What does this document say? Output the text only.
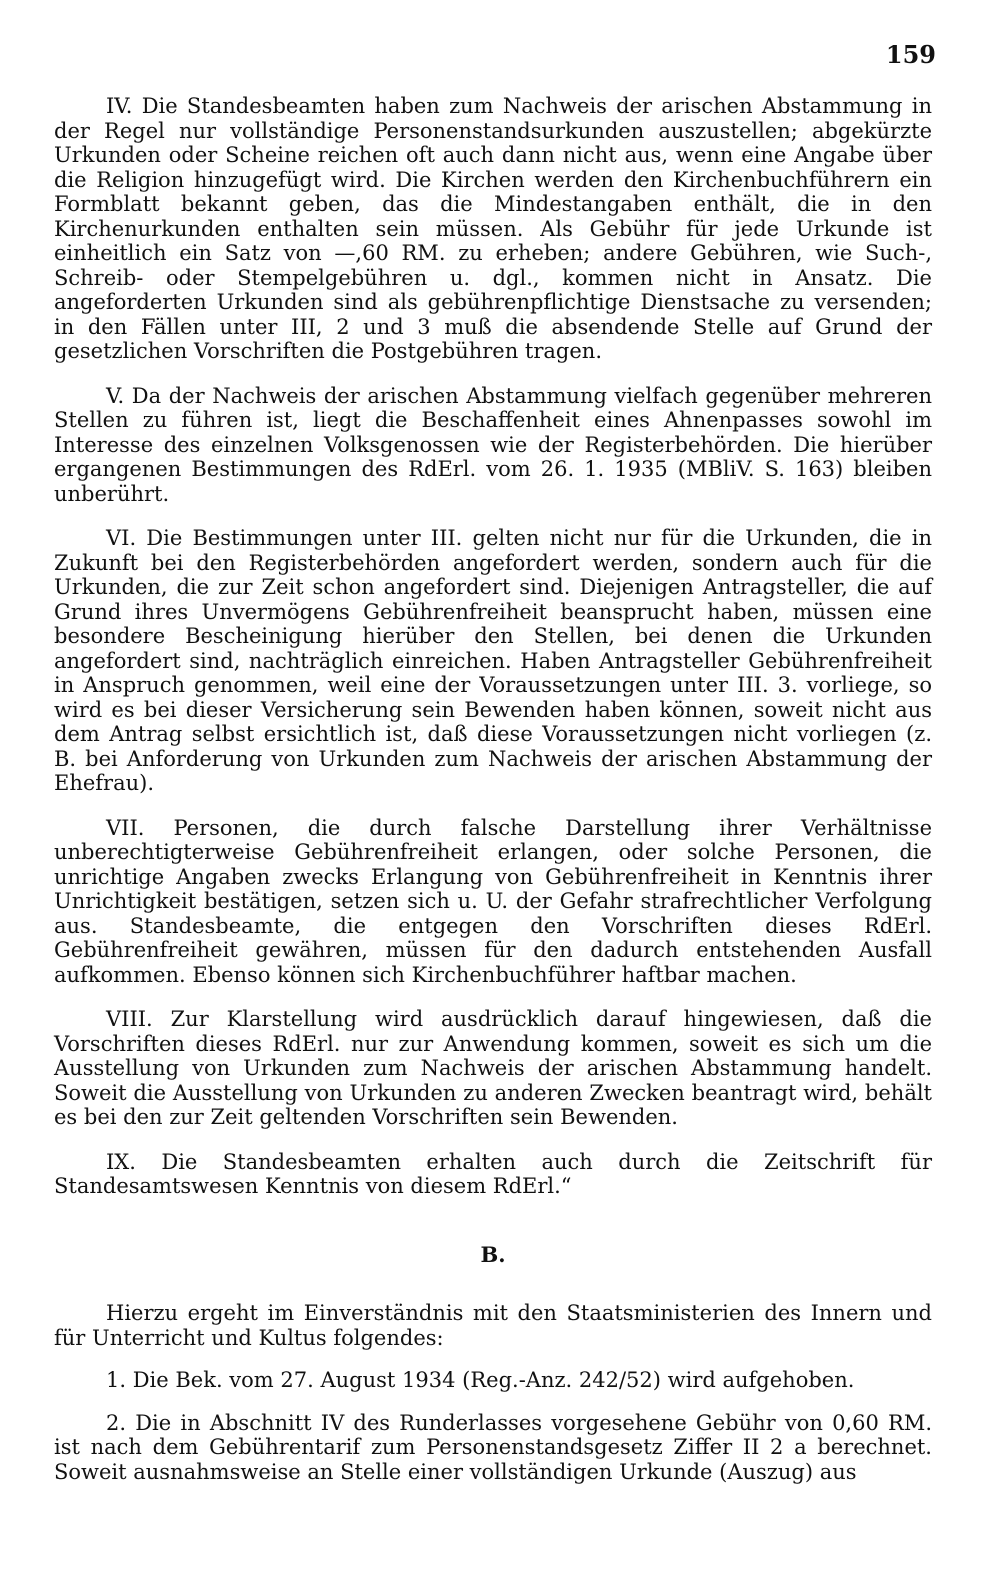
159

IV. Die Standesbeamten haben zum Nachweis der arischen Abstammung in der Regel nur vollständige Personenstandsurkunden auszustellen; abgekürzte Urkunden oder Scheine reichen oft auch dann nicht aus, wenn eine Angabe über die Religion hinzugefügt wird. Die Kirchen werden den Kirchenbuchführern ein Formblatt bekannt geben, das die Mindestangaben enthält, die in den Kirchenurkunden enthalten sein müssen. Als Gebühr für jede Urkunde ist einheitlich ein Satz von —,60 RM. zu erheben; andere Gebühren, wie Such-, Schreib- oder Stempelgebühren u. dgl., kommen nicht in Ansatz. Die angeforderten Urkunden sind als gebührenpflichtige Dienstsache zu versenden; in den Fällen unter III, 2 und 3 muß die absendende Stelle auf Grund der gesetzlichen Vorschriften die Postgebühren tragen.

V. Da der Nachweis der arischen Abstammung vielfach gegenüber mehreren Stellen zu führen ist, liegt die Beschaffenheit eines Ahnenpasses sowohl im Interesse des einzelnen Volksgenossen wie der Registerbehörden. Die hierüber ergangenen Bestimmungen des RdErl. vom 26. 1. 1935 (MBliV. S. 163) bleiben unberührt.

VI. Die Bestimmungen unter III. gelten nicht nur für die Urkunden, die in Zukunft bei den Registerbehörden angefordert werden, sondern auch für die Urkunden, die zur Zeit schon angefordert sind. Diejenigen Antragsteller, die auf Grund ihres Unvermögens Gebührenfreiheit beansprucht haben, müssen eine besondere Bescheinigung hierüber den Stellen, bei denen die Urkunden angefordert sind, nachträglich einreichen. Haben Antragsteller Gebührenfreiheit in Anspruch genommen, weil eine der Voraussetzungen unter III. 3. vorliege, so wird es bei dieser Versicherung sein Bewenden haben können, soweit nicht aus dem Antrag selbst ersichtlich ist, daß diese Voraussetzungen nicht vorliegen (z. B. bei Anforderung von Urkunden zum Nachweis der arischen Abstammung der Ehefrau).

VII. Personen, die durch falsche Darstellung ihrer Verhältnisse unberechtigterweise Gebührenfreiheit erlangen, oder solche Personen, die unrichtige Angaben zwecks Erlangung von Gebührenfreiheit in Kenntnis ihrer Unrichtigkeit bestätigen, setzen sich u. U. der Gefahr strafrechtlicher Verfolgung aus. Standesbeamte, die entgegen den Vorschriften dieses RdErl. Gebührenfreiheit gewähren, müssen für den dadurch entstehenden Ausfall aufkommen. Ebenso können sich Kirchenbuchführer haftbar machen.

VIII. Zur Klarstellung wird ausdrücklich darauf hingewiesen, daß die Vorschriften dieses RdErl. nur zur Anwendung kommen, soweit es sich um die Ausstellung von Urkunden zum Nachweis der arischen Abstammung handelt. Soweit die Ausstellung von Urkunden zu anderen Zwecken beantragt wird, behält es bei den zur Zeit geltenden Vorschriften sein Bewenden.

IX. Die Standesbeamten erhalten auch durch die Zeitschrift für Standesamtswesen Kenntnis von diesem RdErl.“

B.

Hierzu ergeht im Einverständnis mit den Staatsministerien des Innern und für Unterricht und Kultus folgendes:

1. Die Bek. vom 27. August 1934 (Reg.-Anz. 242/52) wird aufgehoben.

2. Die in Abschnitt IV des Runderlasses vorgesehene Gebühr von 0,60 RM. ist nach dem Gebührentarif zum Personenstandsgesetz Ziffer II 2 a berechnet. Soweit ausnahmsweise an Stelle einer vollständigen Urkunde (Auszug) aus
